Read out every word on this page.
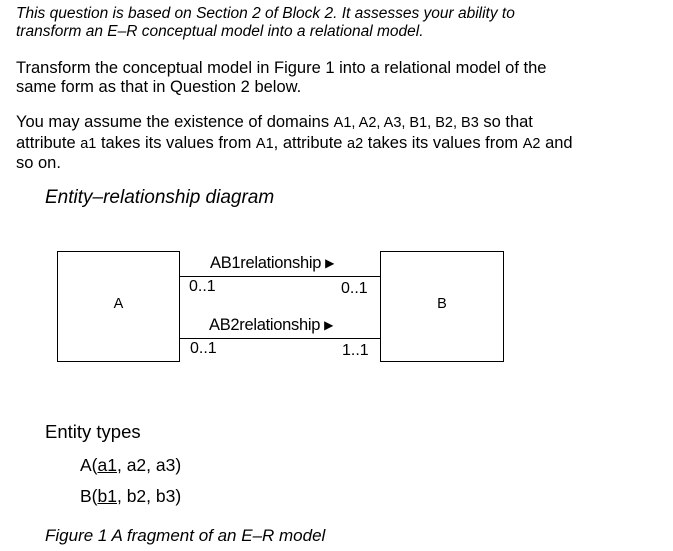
This question is based on Section 2 of Block 2. It assesses your ability to
transform an E–R conceptual model into a relational model.
Transform the conceptual model in Figure 1 into a relational model of the
same form as that in Question 2 below.
You may assume the existence of domains A1, A2, A3, B1, B2, B3 so that
attribute a1 takes its values from A1, attribute a2 takes its values from A2 and
so on.
Entity–relationship diagram
A	B
AB1relationship ▶
AB2relationship ▶
0..1	0..1
0..1	1..1
Entity types
A(a1, a2, a3)
B(b1, b2, b3)
Figure 1 A fragment of an E–R model
